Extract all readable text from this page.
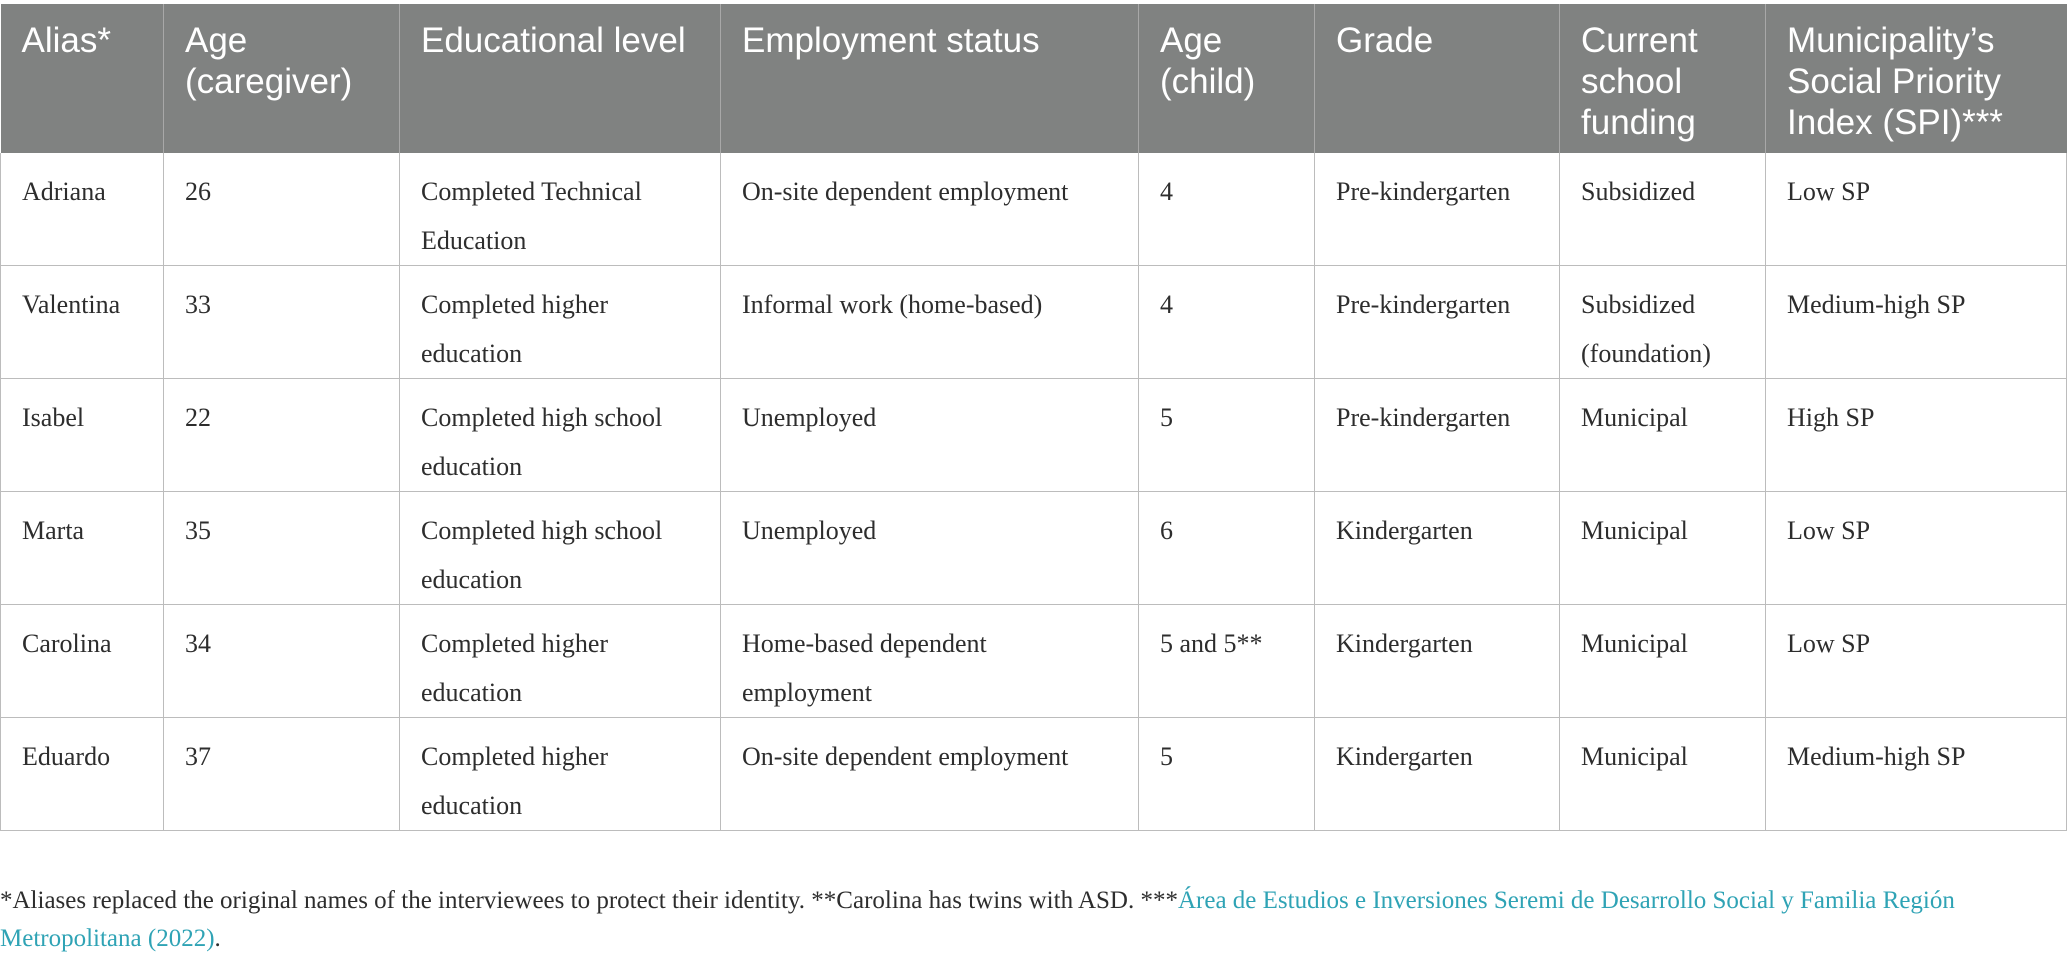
Alias*	Age (caregiver)	Educational level	Employment status	Age (child)	Grade	Current school funding	Municipality’s Social Priority Index (SPI)***
Adriana	26	Completed Technical Education	On-site dependent employment	4	Pre-kindergarten	Subsidized	Low SP
Valentina	33	Completed higher education	Informal work (home-based)	4	Pre-kindergarten	Subsidized (foundation)	Medium-high SP
Isabel	22	Completed high school education	Unemployed	5	Pre-kindergarten	Municipal	High SP
Marta	35	Completed high school education	Unemployed	6	Kindergarten	Municipal	Low SP
Carolina	34	Completed higher education	Home-based dependent employment	5 and 5**	Kindergarten	Municipal	Low SP
Eduardo	37	Completed higher education	On-site dependent employment	5	Kindergarten	Municipal	Medium-high SP

*Aliases replaced the original names of the interviewees to protect their identity. **Carolina has twins with ASD. ***Área de Estudios e Inversiones Seremi de Desarrollo Social y Familia Región Metropolitana (2022).
